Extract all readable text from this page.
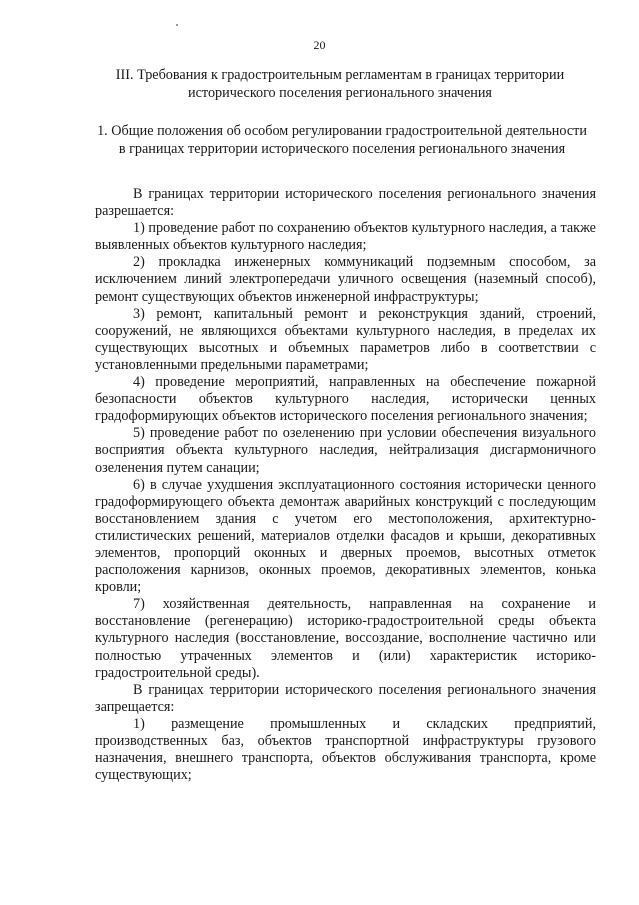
20
III. Требования к градостроительным регламентам в границах территории исторического поселения регионального значения
1. Общие положения об особом регулировании градостроительной деятельности в границах территории исторического поселения регионального значения

В границах территории исторического поселения регионального значения разрешается:

1) проведение работ по сохранению объектов культурного наследия, а также выявленных объектов культурного наследия;

2) прокладка инженерных коммуникаций подземным способом, за исключением линий электропередачи уличного освещения (наземный способ), ремонт существующих объектов инженерной инфраструктуры;

3) ремонт, капитальный ремонт и реконструкция зданий, строений, сооружений, не являющихся объектами культурного наследия, в пределах их существующих высотных и объемных параметров либо в соответствии с установленными предельными параметрами;

4) проведение мероприятий, направленных на обеспечение пожарной безопасности объектов культурного наследия, исторически ценных градоформирующих объектов исторического поселения регионального значения;

5) проведение работ по озеленению при условии обеспечения визуального восприятия объекта культурного наследия, нейтрализация дисгармоничного озеленения путем санации;

6) в случае ухудшения эксплуатационного состояния исторически ценного градоформирующего объекта демонтаж аварийных конструкций с последующим восстановлением здания с учетом его местоположения, архитектурно-стилистических решений, материалов отделки фасадов и крыши, декоративных элементов, пропорций оконных и дверных проемов, высотных отметок расположения карнизов, оконных проемов, декоративных элементов, конька кровли;

7) хозяйственная деятельность, направленная на сохранение и восстановление (регенерацию) историко-градостроительной среды объекта культурного наследия (восстановление, воссоздание, восполнение частично или полностью утраченных элементов и (или) характеристик историко-градостроительной среды).

В границах территории исторического поселения регионального значения запрещается:

1) размещение промышленных и складских предприятий, производственных баз, объектов транспортной инфраструктуры грузового назначения, внешнего транспорта, объектов обслуживания транспорта, кроме существующих;
